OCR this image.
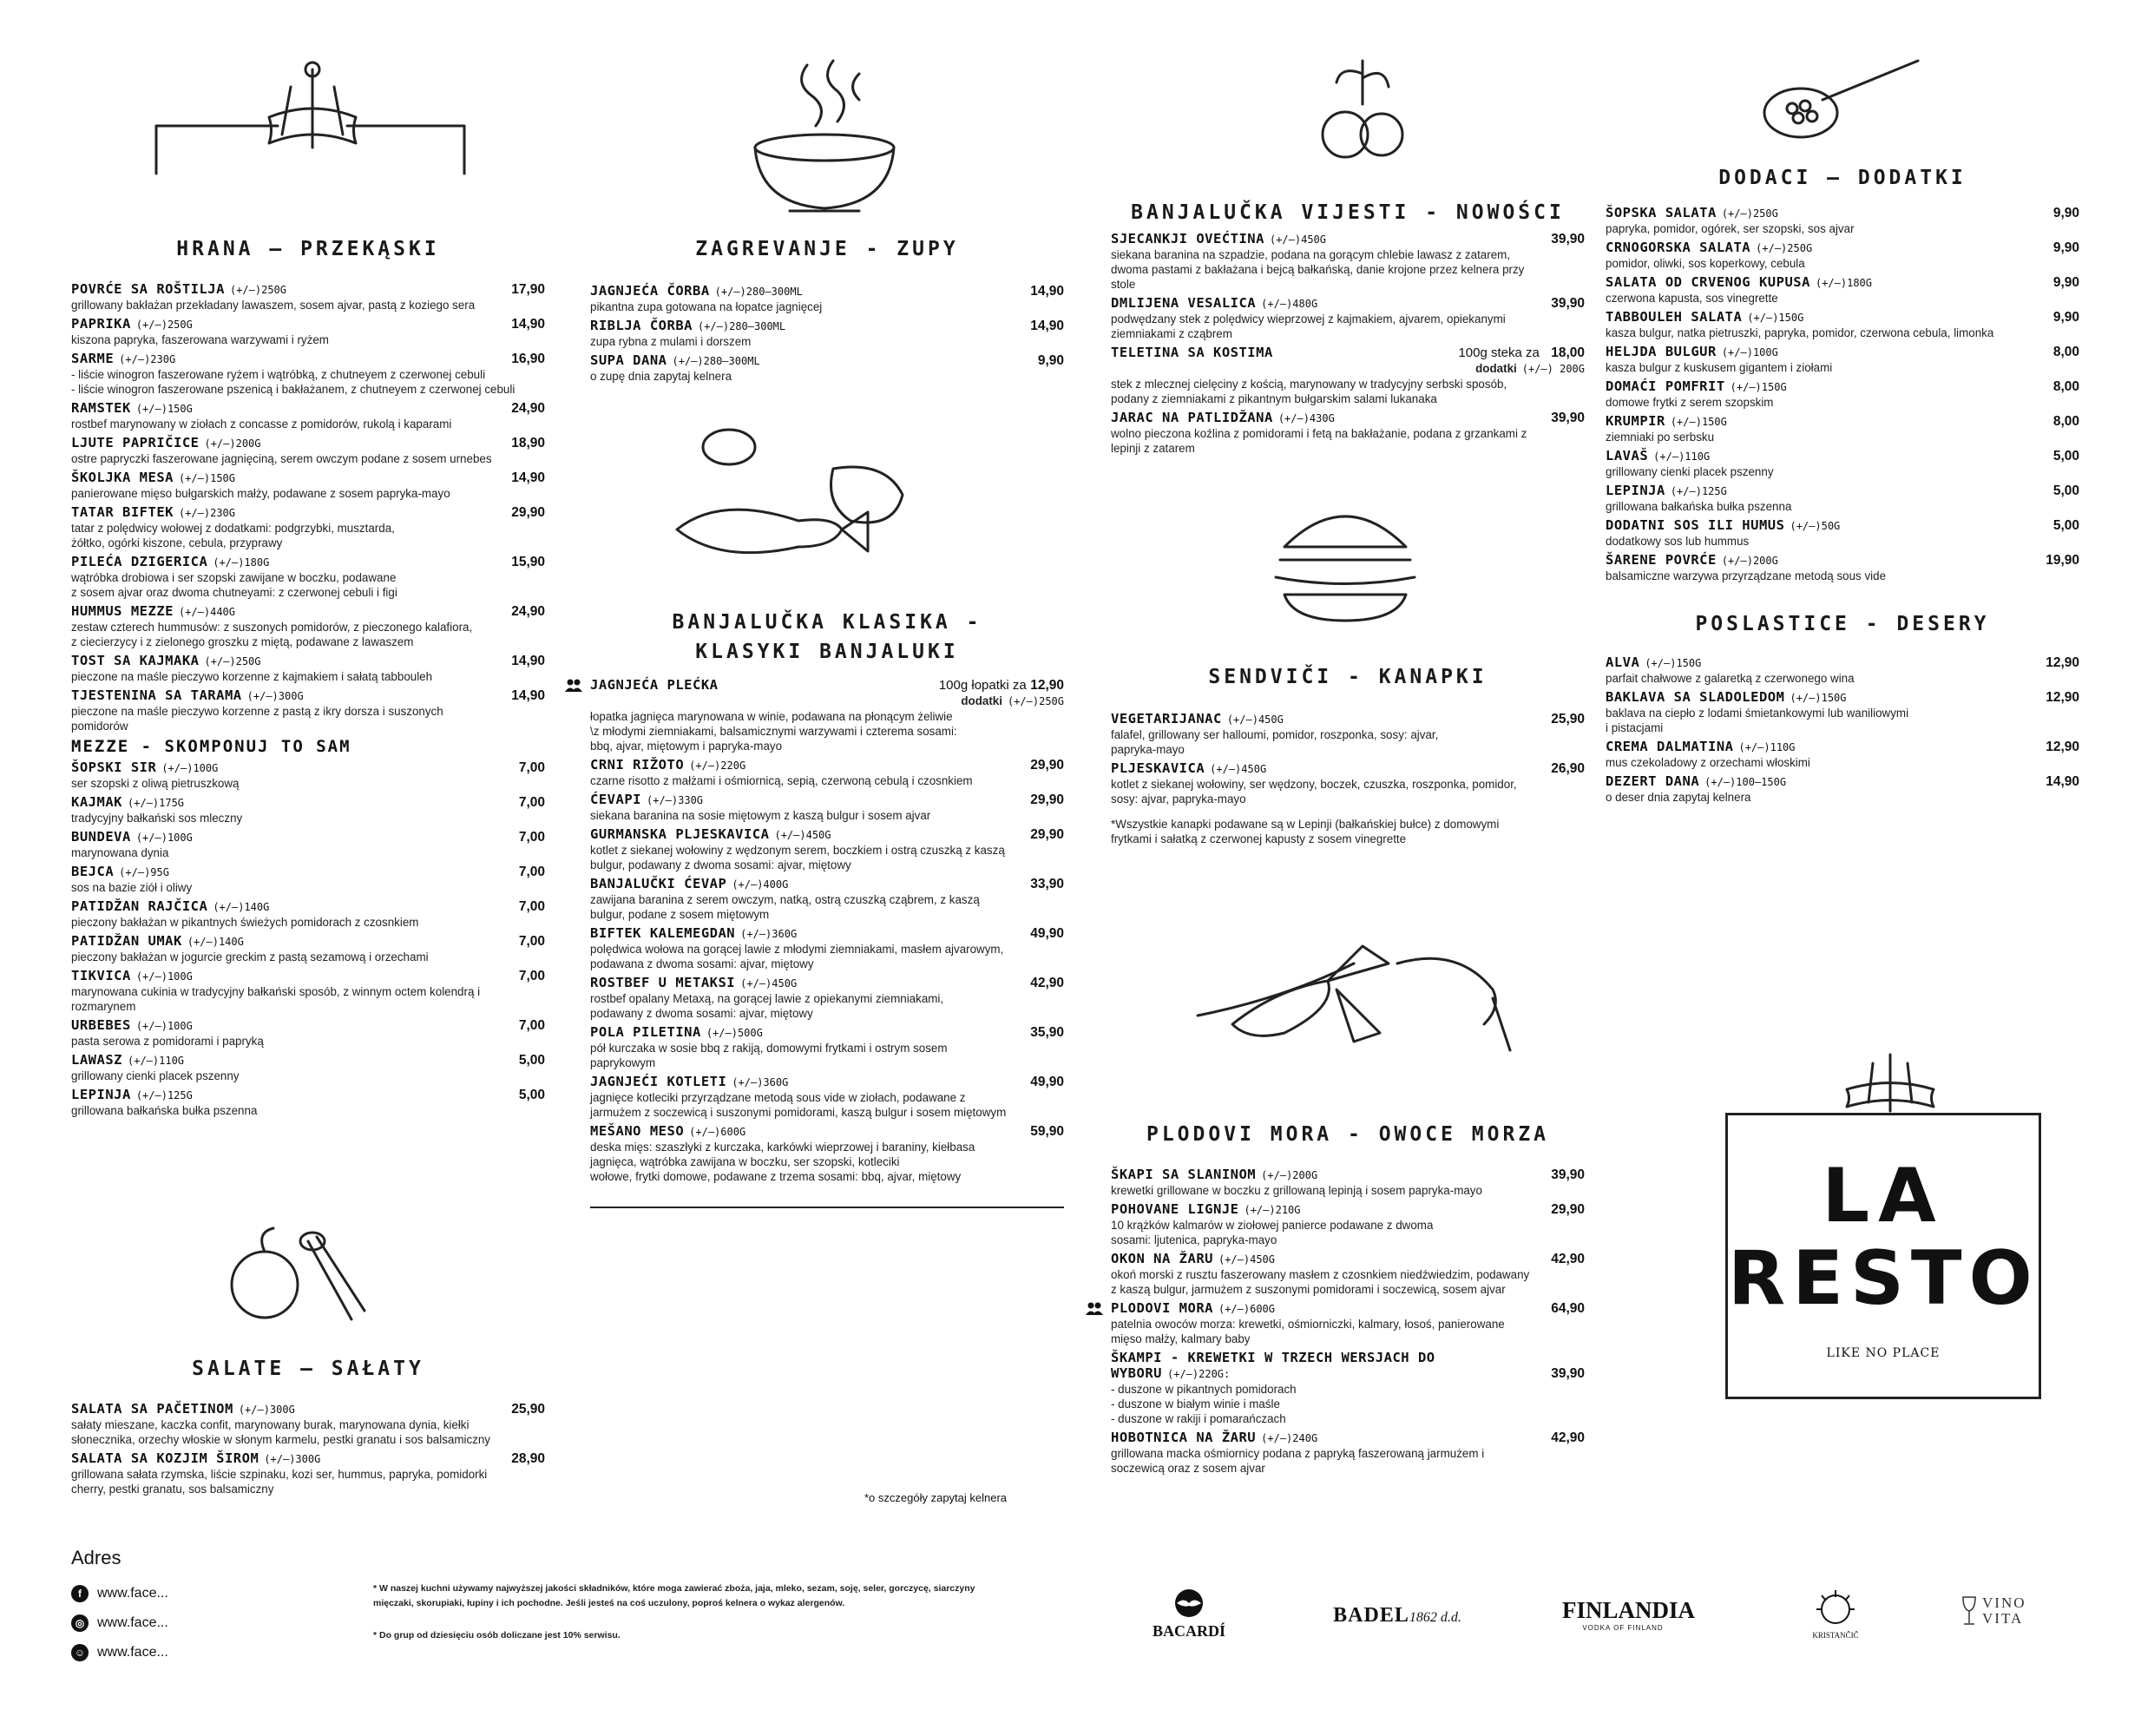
HRANA — PRZEKĄSKI
POVRĆE SA ROŠTILJA (+/–)250G	17,90
grillowany bakłażan przekładany lawaszem, sosem ajvar, pastą z koziego sera
PAPRIKA (+/–)250G	14,90
kiszona papryka, faszerowana warzywami i ryżem
SARME (+/–)230G	16,90
- liście winogron faszerowane ryżem i wątróbką, z chutneyem z czerwonej cebuli
- liście winogron faszerowane pszenicą i bakłażanem, z chutneyem z czerwonej cebuli
RAMSTEK (+/–)150G	24,90
rostbef marynowany w ziołach z concasse z pomidorów, rukolą i kaparami
LJUTE PAPRIČICE (+/–)200G	18,90
ostre papryczki faszerowane jagnięciną, serem owczym podane z sosem urnebes
ŠKOLJKA MESA (+/–)150G	14,90
panierowane mięso bułgarskich małży, podawane z sosem papryka-mayo
TATAR BIFTEK (+/–)230G	29,90
tatar z polędwicy wołowej z dodatkami: podgrzybki, musztarda,
żółtko, ogórki kiszone, cebula, przyprawy
PILEĆA DZIGERICA (+/–)180G	15,90
wątróbka drobiowa i ser szopski zawijane w boczku, podawane
z sosem ajvar oraz dwoma chutneyami: z czerwonej cebuli i figi
HUMMUS MEZZE (+/–)440G	24,90
zestaw czterech hummusów: z suszonych pomidorów, z pieczonego kalafiora,
z ciecierzycy i z zielonego groszku z miętą, podawane z lawaszem
TOST SA KAJMAKA (+/–)250G	14,90
pieczone na maśle pieczywo korzenne z kajmakiem i sałatą tabbouleh
TJESTENINA SA TARAMA (+/–)300G	14,90
pieczone na maśle pieczywo korzenne z pastą z ikry dorsza i suszonych
pomidorów
MEZZE - SKOMPONUJ TO SAM
ŠOPSKI SIR (+/–)100G	7,00
ser szopski z oliwą pietruszkową
KAJMAK (+/–)175G	7,00
tradycyjny bałkański sos mleczny
BUNDEVA (+/–)100G	7,00
marynowana dynia
BEJCA (+/–)95G	7,00
sos na bazie ziół i oliwy
PATIDŽAN RAJČICA (+/–)140G	7,00
pieczony bakłażan w pikantnych świeżych pomidorach z czosnkiem
PATIDŽAN UMAK (+/–)140G	7,00
pieczony bakłażan w jogurcie greckim z pastą sezamową i orzechami
TIKVICA (+/–)100G	7,00
marynowana cukinia w tradycyjny bałkański sposób, z winnym octem kolendrą i
rozmarynem
URBEBES (+/–)100G	7,00
pasta serowa z pomidorami i papryką
LAWASZ (+/–)110G	5,00
grillowany cienki placek pszenny
LEPINJA (+/–)125G	5,00
grillowana bałkańska bułka pszenna
SALATE — SAŁATY
SALATA SA PAČETINOM (+/–)300G	25,90
sałaty mieszane, kaczka confit, marynowany burak, marynowana dynia, kiełki
słonecznika, orzechy włoskie w słonym karmelu, pestki granatu i sos balsamiczny
SALATA SA KOZJIM ŠIROM (+/–)300G	28,90
grillowana sałata rzymska, liście szpinaku, kozi ser, hummus, papryka, pomidorki
cherry, pestki granatu, sos balsamiczny
ZAGREVANJE - ZUPY
JAGNJEĆA ČORBA (+/–)280–300ML	14,90
pikantna zupa gotowana na łopatce jagnięcej
RIBLJA ČORBA (+/–)280–300ML	14,90
zupa rybna z mulami i dorszem
SUPA DANA (+/–)280–300ML	9,90
o zupę dnia zapytaj kelnera
BANJALUČKA KLASIKA -
KLASYKI BANJALUKI
JAGNJEĆA PLEĆKA	100g łopatki za 12,90
dodatki (+/–)250G
łopatka jagnięca marynowana w winie, podawana na płonącym żeliwie
\z młodymi ziemniakami, balsamicznymi warzywami i czterema sosami:
bbq, ajvar, miętowym i papryka-mayo
CRNI RIŽOTO (+/–)220G	29,90
czarne risotto z małżami i ośmiornicą, sepią, czerwoną cebulą i czosnkiem
ĆEVAPI (+/–)330G	29,90
siekana baranina na sosie miętowym z kaszą bulgur i sosem ajvar
GURMANSKA PLJESKAVICA (+/–)450G	29,90
kotlet z siekanej wołowiny z wędzonym serem, boczkiem i ostrą czuszką z kaszą
bulgur, podawany z dwoma sosami: ajvar, miętowy
BANJALUČKI ĆEVAP (+/–)400G	33,90
zawijana baranina z serem owczym, natką, ostrą czuszką cząbrem, z kaszą
bulgur, podane z sosem miętowym
BIFTEK KALEMEGDAN (+/–)360G	49,90
polędwica wołowa na gorącej lawie z młodymi ziemniakami, masłem ajvarowym,
podawana z dwoma sosami: ajvar, miętowy
ROSTBEF U METAKSI (+/–)450G	42,90
rostbef opalany Metaxą, na gorącej lawie z opiekanymi ziemniakami,
podawany z dwoma sosami: ajvar, miętowy
POLA PILETINA (+/–)500G	35,90
pół kurczaka w sosie bbq z rakiją, domowymi frytkami i ostrym sosem
paprykowym
JAGNJEĆI KOTLETI (+/–)360G	49,90
jagnięce kotleciki przyrządzane metodą sous vide w ziołach, podawane z
jarmużem z soczewicą i suszonymi pomidorami, kaszą bulgur i sosem miętowym
MEŠANO MESO (+/–)600G	59,90
deska mięs: szaszłyki z kurczaka, karkówki wieprzowej i baraniny, kiełbasa
jagnięca, wątróbka zawijana w boczku, ser szopski, kotleciki
wołowe, frytki domowe, podawane z trzema sosami: bbq, ajvar, miętowy
*o szczegóły zapytaj kelnera
BANJALUČKA VIJESTI - NOWOŚCI
SJECANKJI OVEĆTINA (+/–)450G	39,90
siekana baranina na szpadzie, podana na gorącym chlebie lawasz z zatarem,
dwoma pastami z bakłażana i bejcą bałkańską, danie krojone przez kelnera przy
stole
DMLIJENA VESALICA (+/–)480G	39,90
podwędzany stek z polędwicy wieprzowej z kajmakiem, ajvarem, opiekanymi
ziemniakami z cząbrem
TELETINA SA KOSTIMA	100g steka za 18,00
dodatki (+/–) 200G
stek z mlecznej cielęciny z kością, marynowany w tradycyjny serbski sposób,
podany z ziemniakami z pikantnym bułgarskim salami lukanaka
JARAC NA PATLIDŽANA (+/–)430G	39,90
wolno pieczona koźlina z pomidorami i fetą na bakłażanie, podana z grzankami z
lepinji z zatarem
SENDVIČI - KANAPKI
VEGETARIJANAC (+/–)450G	25,90
falafel, grillowany ser halloumi, pomidor, roszponka, sosy: ajvar,
papryka-mayo
PLJESKAVICA (+/–)450G	26,90
kotlet z siekanej wołowiny, ser wędzony, boczek, czuszka, roszponka, pomidor,
sosy: ajvar, papryka-mayo
*Wszystkie kanapki podawane są w Lepinji (bałkańskiej bułce) z domowymi
frytkami i sałatką z czerwonej kapusty z sosem vinegrette
PLODOVI MORA - OWOCE MORZA
ŠKAPI SA SLANINOM (+/–)200G	39,90
krewetki grillowane w boczku z grillowaną lepinją i sosem papryka-mayo
POHOVANE LIGNJE (+/–)210G	29,90
10 krążków kalmarów w ziołowej panierce podawane z dwoma
sosami: ljutenica, papryka-mayo
OKON NA ŽARU (+/–)450G	42,90
okoń morski z rusztu faszerowany masłem z czosnkiem niedźwiedzim, podawany
z kaszą bulgur, jarmużem z suszonymi pomidorami i soczewicą, sosem ajvar
PLODOVI MORA (+/–)600G	64,90
patelnia owoców morza: krewetki, ośmiorniczki, kalmary, łosoś, panierowane
mięso małży, kalmary baby
ŠKAMPI - KREWETKI W TRZECH WERSJACH DO
WYBORU (+/–)220G:	39,90
- duszone w pikantnych pomidorach
- duszone w białym winie i maśle
- duszone w rakiji i pomarańczach
HOBOTNICA NA ŽARU (+/–)240G	42,90
grillowana macka ośmiornicy podana z papryką faszerowaną jarmużem i
soczewicą oraz z sosem ajvar
DODACI — DODATKI
ŠOPSKA SALATA (+/–)250G	9,90
papryka, pomidor, ogórek, ser szopski, sos ajvar
CRNOGORSKA SALATA (+/–)250G	9,90
pomidor, oliwki, sos koperkowy, cebula
SALATA OD CRVENOG KUPUSA (+/–)180G	9,90
czerwona kapusta, sos vinegrette
TABBOULEH SALATA (+/–)150G	9,90
kasza bulgur, natka pietruszki, papryka, pomidor, czerwona cebula, limonka
HELJDA BULGUR (+/–)100G	8,00
kasza bulgur z kuskusem gigantem i ziołami
DOMAĆI POMFRIT (+/–)150G	8,00
domowe frytki z serem szopskim
KRUMPIR (+/–)150G	8,00
ziemniaki po serbsku
LAVAŠ (+/–)110G	5,00
grillowany cienki placek pszenny
LEPINJA (+/–)125G	5,00
grillowana bałkańska bułka pszenna
DODATNI SOS ILI HUMUS (+/–)50G	5,00
dodatkowy sos lub hummus
ŠARENE POVRĆE (+/–)200G	19,90
balsamiczne warzywa przyrządzane metodą sous vide
POSLASTICE - DESERY
ALVA (+/–)150G	12,90
parfait chałwowe z galaretką z czerwonego wina
BAKLAVA SA SLADOLEDOM (+/–)150G	12,90
baklava na ciepło z lodami śmietankowymi lub waniliowymi
i pistacjami
CREMA DALMATINA (+/–)110G	12,90
mus czekoladowy z orzechami włoskimi
DEZERT DANA (+/–)100–150G	14,90
o deser dnia zapytaj kelnera
LA
RESTO
LIKE NO PLACE
Adres
f	www.face...
◎ www.face...
☺ www.face...
* W naszej kuchni używamy najwyższej jakości składników, które moga zawierać zboża, jaja, mleko, sezam, soję, seler, gorczycę, siarczyny
mięczaki, skorupiaki, łupiny i ich pochodne. Jeśli jesteś na coś uczulony, poproś kelnera o wykaz alergenów.
* Do grup od dziesięciu osób doliczane jest 10% serwisu.	BACARDÍ
BADEL1862 d.d.	FINLANDIA
VODKA OF FINLAND
KRISTANČIČ
VINO
VITA
